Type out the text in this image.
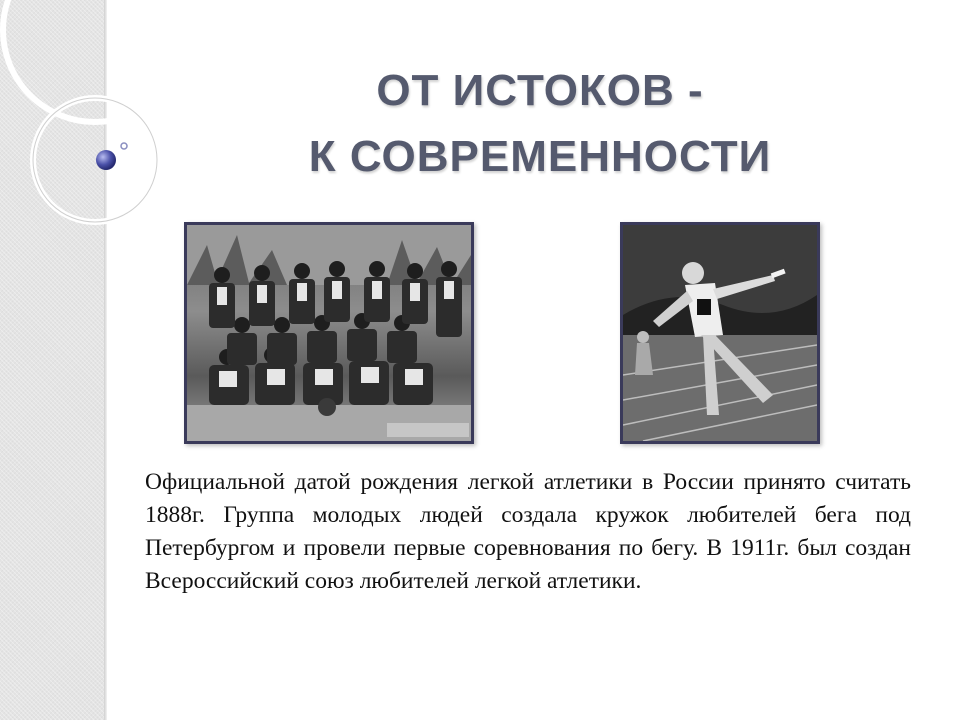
ОТ ИСТОКОВ -
К СОВРЕМЕННОСТИ

Официальной датой рождения легкой атлетики в России принято считать 1888г. Группа молодых людей создала кружок любителей бега под Петербургом и провели первые соревнования по бегу. В 1911г. был создан Всероссийский союз любителей легкой атлетики.
